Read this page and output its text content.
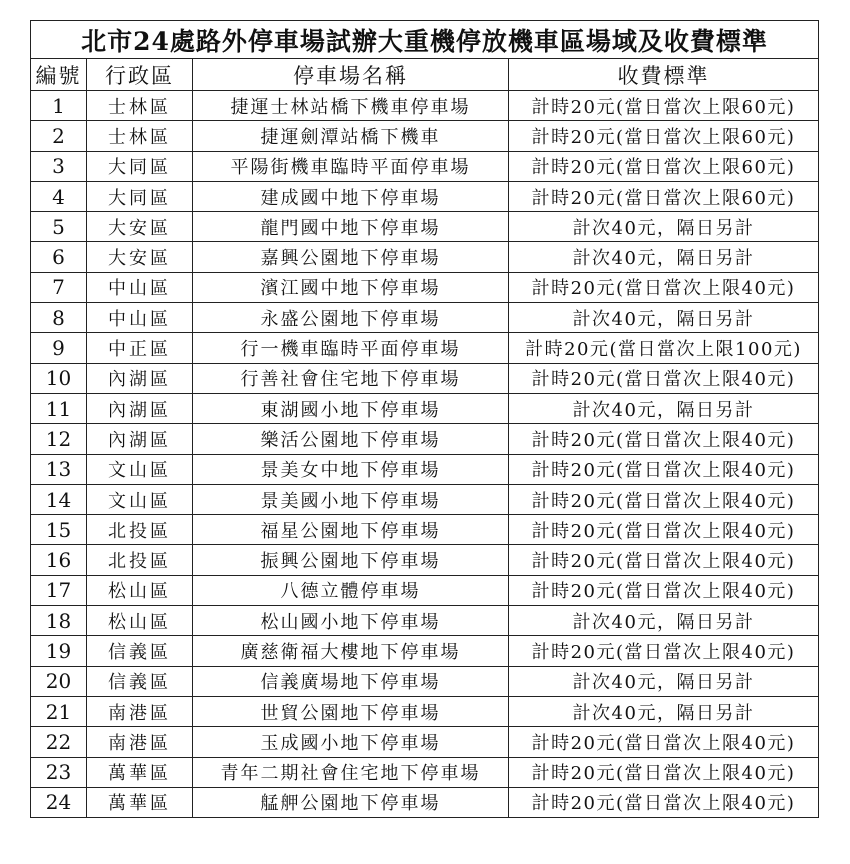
北市24處路外停車場試辦大重機停放機車區場域及收費標準			
編號	行政區	停車場名稱	收費標準
1	士林區	捷運士林站橋下機車停車場	計時20元(當日當次上限60元)
2	士林區	捷運劍潭站橋下機車	計時20元(當日當次上限60元)
3	大同區	平陽街機車臨時平面停車場	計時20元(當日當次上限60元)
4	大同區	建成國中地下停車場	計時20元(當日當次上限60元)
5	大安區	龍門國中地下停車場	計次40元，隔日另計
6	大安區	嘉興公園地下停車場	計次40元，隔日另計
7	中山區	濱江國中地下停車場	計時20元(當日當次上限40元)
8	中山區	永盛公園地下停車場	計次40元，隔日另計
9	中正區	行一機車臨時平面停車場	計時20元(當日當次上限100元)
10	內湖區	行善社會住宅地下停車場	計時20元(當日當次上限40元)
11	內湖區	東湖國小地下停車場	計次40元，隔日另計
12	內湖區	樂活公園地下停車場	計時20元(當日當次上限40元)
13	文山區	景美女中地下停車場	計時20元(當日當次上限40元)
14	文山區	景美國小地下停車場	計時20元(當日當次上限40元)
15	北投區	福星公園地下停車場	計時20元(當日當次上限40元)
16	北投區	振興公園地下停車場	計時20元(當日當次上限40元)
17	松山區	八德立體停車場	計時20元(當日當次上限40元)
18	松山區	松山國小地下停車場	計次40元，隔日另計
19	信義區	廣慈衛福大樓地下停車場	計時20元(當日當次上限40元)
20	信義區	信義廣場地下停車場	計次40元，隔日另計
21	南港區	世貿公園地下停車場	計次40元，隔日另計
22	南港區	玉成國小地下停車場	計時20元(當日當次上限40元)
23	萬華區	青年二期社會住宅地下停車場	計時20元(當日當次上限40元)
24	萬華區	艋舺公園地下停車場	計時20元(當日當次上限40元)
